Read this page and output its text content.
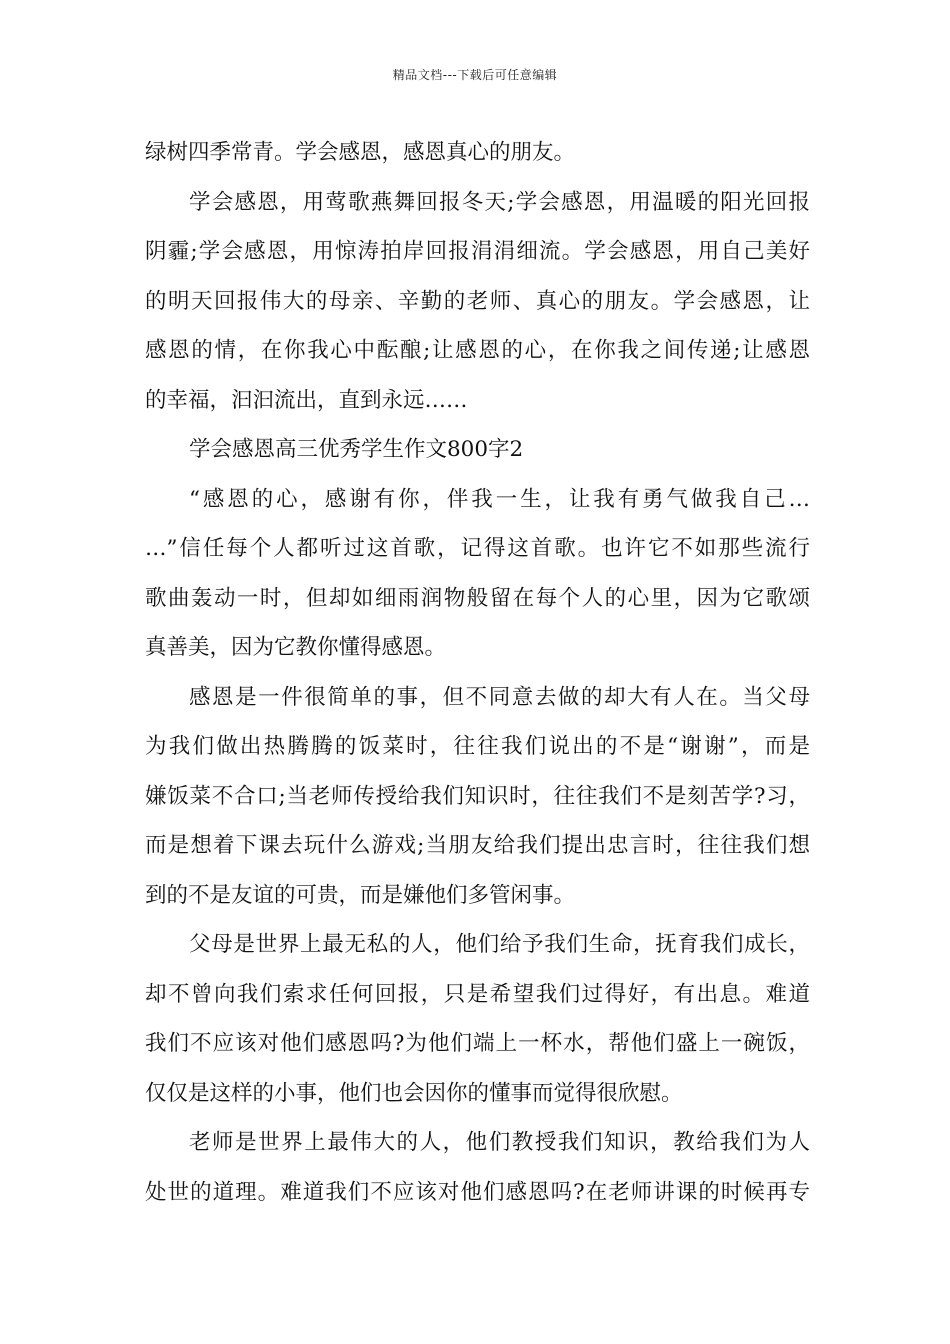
精品文档---下载后可任意编辑
绿树四季常青。学会感恩，感恩真心的朋友。
学会感恩，用莺歌燕舞回报冬天;学会感恩，用温暖的阳光回报
阴霾;学会感恩，用惊涛拍岸回报涓涓细流。学会感恩，用自己美好
的明天回报伟大的母亲、辛勤的老师、真心的朋友。学会感恩，让
感恩的情，在你我心中酝酿;让感恩的心，在你我之间传递;让感恩
的幸福，汩汩流出，直到永远……
学会感恩高三优秀学生作文800字2
“感恩的心，感谢有你，伴我一生，让我有勇气做我自己…
…”信任每个人都听过这首歌，记得这首歌。也许它不如那些流行
歌曲轰动一时，但却如细雨润物般留在每个人的心里，因为它歌颂
真善美，因为它教你懂得感恩。
感恩是一件很简单的事，但不同意去做的却大有人在。当父母
为我们做出热腾腾的饭菜时，往往我们说出的不是“谢谢”，而是
嫌饭菜不合口;当老师传授给我们知识时，往往我们不是刻苦学?习，
而是想着下课去玩什么游戏;当朋友给我们提出忠言时，往往我们想
到的不是友谊的可贵，而是嫌他们多管闲事。
父母是世界上最无私的人，他们给予我们生命，抚育我们成长，
却不曾向我们索求任何回报，只是希望我们过得好，有出息。难道
我们不应该对他们感恩吗?为他们端上一杯水，帮他们盛上一碗饭，
仅仅是这样的小事，他们也会因你的懂事而觉得很欣慰。
老师是世界上最伟大的人，他们教授我们知识，教给我们为人
处世的道理。难道我们不应该对他们感恩吗?在老师讲课的时候再专
